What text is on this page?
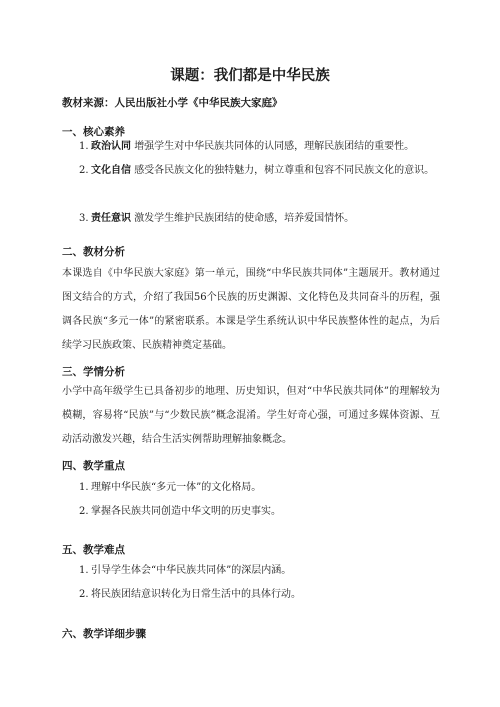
课题：我们都是中华民族
教材来源：人民出版社小学《中华民族大家庭》
一、核心素养
1. 政治认同 增强学生对中华民族共同体的认同感，理解民族团结的重要性。
2. 文化自信 感受各民族文化的独特魅力，树立尊重和包容不同民族文化的意识。
3. 责任意识 激发学生维护民族团结的使命感，培养爱国情怀。
二、教材分析

本课选自《中华民族大家庭》第一单元，围绕“中华民族共同体”主题展开。教材通过图文结合的方式，介绍了我国56个民族的历史渊源、文化特色及共同奋斗的历程，强调各民族“多元一体”的紧密联系。本课是学生系统认识中华民族整体性的起点，为后续学习民族政策、民族精神奠定基础。

三、学情分析

小学中高年级学生已具备初步的地理、历史知识，但对“中华民族共同体”的理解较为模糊，容易将“民族”与“少数民族”概念混淆。学生好奇心强，可通过多媒体资源、互动活动激发兴趣，结合生活实例帮助理解抽象概念。

四、教学重点
1. 理解中华民族“多元一体”的文化格局。
2. 掌握各民族共同创造中华文明的历史事实。
五、教学难点
1. 引导学生体会“中华民族共同体”的深层内涵。
2. 将民族团结意识转化为日常生活中的具体行动。
六、教学详细步骤
